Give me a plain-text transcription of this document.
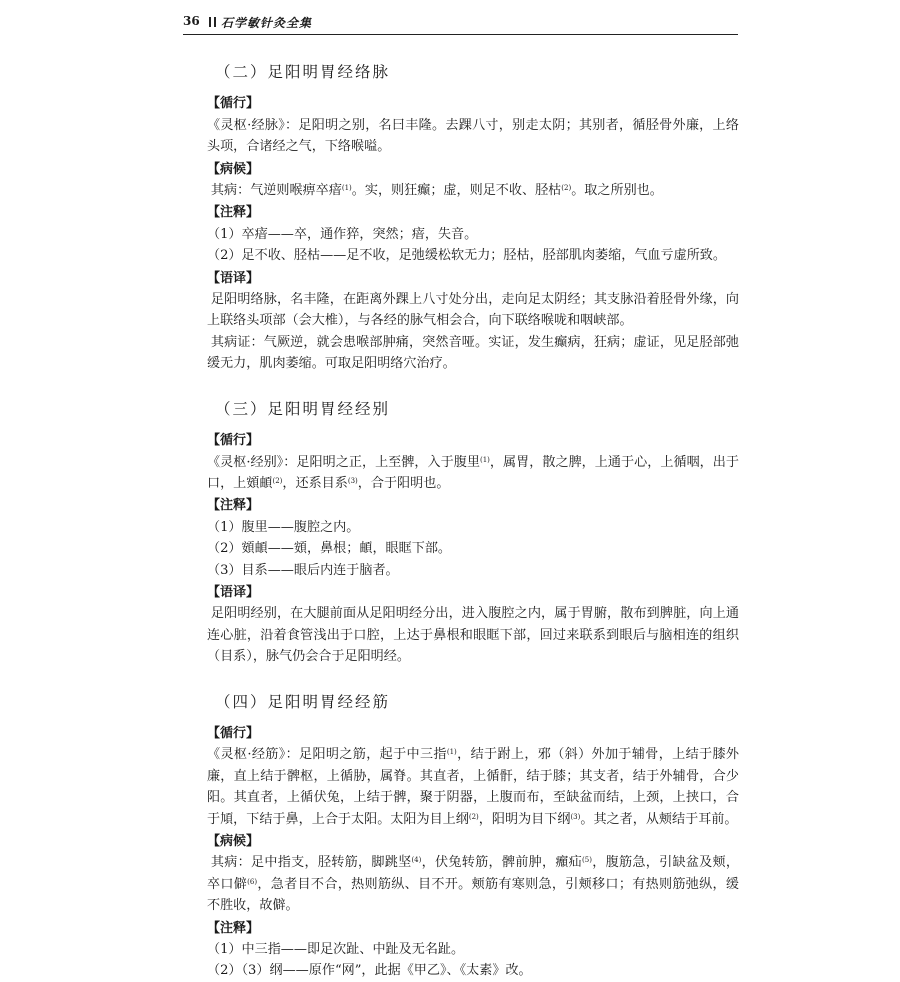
36 石学敏针灸全集
（二）足阳明胃经络脉
【循行】
《灵枢·经脉》：足阳明之别，名曰丰隆。去踝八寸，别走太阴；其别者，循胫骨外廉，上络头项，合诸经之气，下络喉嗌。
【病候】
其病：气逆则喉痹卒瘖$^{(1)}$。实，则狂癫；虚，则足不收、胫枯$^{(2)}$。取之所别也。
【注释】
（1）卒瘖——卒，通作猝，突然；瘖，失音。
（2）足不收、胫枯——足不收，足弛缓松软无力；胫枯，胫部肌肉萎缩，气血亏虚所致。
【语译】
足阳明络脉，名丰隆，在距离外踝上八寸处分出，走向足太阴经；其支脉沿着胫骨外缘，向上联络头项部（会大椎），与各经的脉气相会合，向下联络喉咙和咽峡部。
其病证：气厥逆，就会患喉部肿痛，突然音哑。实证，发生癫病，狂病；虚证，见足胫部弛缓无力，肌肉萎缩。可取足阳明络穴治疗。
（三）足阳明胃经经别
【循行】
《灵枢·经别》：足阳明之正，上至髀，入于腹里$^{(1)}$，属胃，散之脾，上通于心，上循咽，出于口，上頞頔$^{(2)}$，还系目系$^{(3)}$，合于阳明也。
【注释】
（1）腹里——腹腔之内。
（2）頞頔——頞，鼻根；頔，眼眶下部。
（3）目系——眼后内连于脑者。
【语译】
足阳明经别，在大腿前面从足阳明经分出，进入腹腔之内，属于胃腑，散布到脾脏，向上通连心脏，沿着食管浅出于口腔，上达于鼻根和眼眶下部，回过来联系到眼后与脑相连的组织（目系），脉气仍会合于足阳明经。
（四）足阳明胃经经筋
【循行】
《灵枢·经筋》：足阳明之筋，起于中三指$^{(1)}$，结于跗上，邪（斜）外加于辅骨，上结于膝外廉，直上结于髀枢，上循胁，属脊。其直者，上循骭，结于膝；其支者，结于外辅骨，合少阳。其直者，上循伏兔，上结于髀，聚于阴器，上腹而布，至缺盆而结，上颈，上挟口，合于頄，下结于鼻，上合于太阳。太阳为目上纲$^{(2)}$，阳明为目下纲$^{(3)}$。其之者，从颊结于耳前。
【病候】
其病：足中指支，胫转筋，脚跳坚$^{(4)}$，伏兔转筋，髀前肿，㿗疝$^{(5)}$，腹筋急，引缺盆及颊，卒口僻$^{(6)}$，急者目不合，热则筋纵、目不开。颊筋有寒则急，引颊移口；有热则筋弛纵，缓不胜收，故僻。
【注释】
（1）中三指——即足次趾、中趾及无名趾。
（2）（3）纲——原作“网”，此据《甲乙》、《太素》改。
